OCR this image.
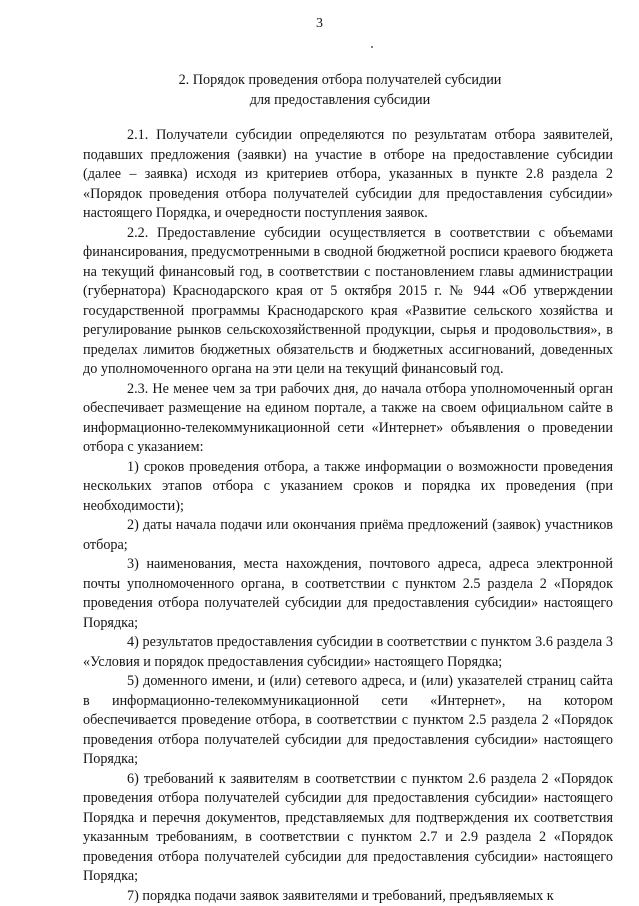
3
2. Порядок проведения отбора получателей субсидии
для предоставления субсидии

2.1. Получатели субсидии определяются по результатам отбора заявителей, подавших предложения (заявки) на участие в отборе на предоставление субсидии (далее – заявка) исходя из критериев отбора, указанных в пункте 2.8 раздела 2 «Порядок проведения отбора получателей субсидии для предоставления субсидии» настоящего Порядка, и очередности поступления заявок.

2.2. Предоставление субсидии осуществляется в соответствии с объемами финансирования, предусмотренными в сводной бюджетной росписи краевого бюджета на текущий финансовый год, в соответствии с постановлением главы администрации (губернатора) Краснодарского края от 5 октября 2015 г. № 944 «Об утверждении государственной программы Краснодарского края «Развитие сельского хозяйства и регулирование рынков сельскохозяйственной продукции, сырья и продовольствия», в пределах лимитов бюджетных обязательств и бюджетных ассигнований, доведенных до уполномоченного органа на эти цели на текущий финансовый год.

2.3. Не менее чем за три рабочих дня, до начала отбора уполномоченный орган обеспечивает размещение на едином портале, а также на своем официальном сайте в информационно-телекоммуникационной сети «Интернет» объявления о проведении отбора с указанием:

1) сроков проведения отбора, а также информации о возможности проведения нескольких этапов отбора с указанием сроков и порядка их проведения (при необходимости);

2) даты начала подачи или окончания приёма предложений (заявок) участников отбора;

3) наименования, места нахождения, почтового адреса, адреса электронной почты уполномоченного органа, в соответствии с пунктом 2.5 раздела 2 «Порядок проведения отбора получателей субсидии для предоставления субсидии» настоящего Порядка;

4) результатов предоставления субсидии в соответствии с пунктом 3.6 раздела 3 «Условия и порядок предоставления субсидии» настоящего Порядка;

5) доменного имени, и (или) сетевого адреса, и (или) указателей страниц сайта в информационно-телекоммуникационной сети «Интернет», на котором обеспечивается проведение отбора, в соответствии с пунктом 2.5 раздела 2 «Порядок проведения отбора получателей субсидии для предоставления субсидии» настоящего Порядка;

6) требований к заявителям в соответствии с пунктом 2.6 раздела 2 «Порядок проведения отбора получателей субсидии для предоставления субсидии» настоящего Порядка и перечня документов, представляемых для подтверждения их соответствия указанным требованиям, в соответствии с пунктом 2.7 и 2.9 раздела 2 «Порядок проведения отбора получателей субсидии для предоставления субсидии» настоящего Порядка;

7) порядка подачи заявок заявителями и требований, предъявляемых к
